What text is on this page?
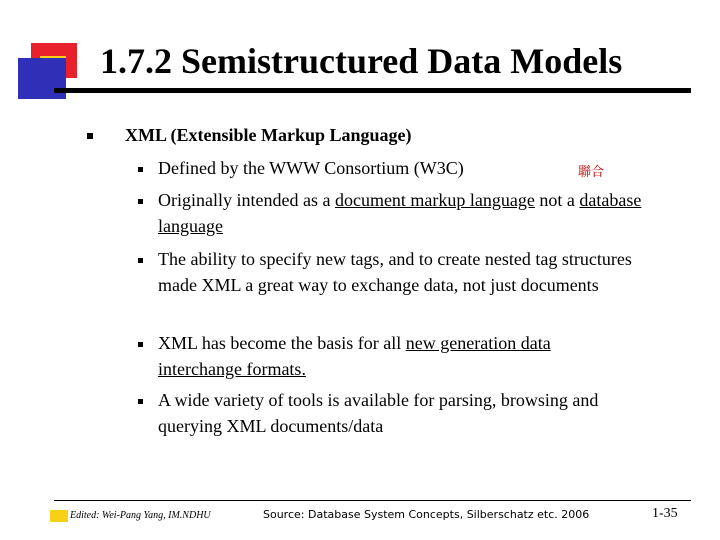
1.7.2 Semistructured Data Models
XML (Extensible Markup Language)
Defined by the WWW Consortium (W3C)	聯合
Originally intended as a document markup language not a database language
The ability to specify new tags, and to create nested tag structures made XML a great way to exchange data, not just documents
XML has become the basis for all new generation data interchange formats.
A wide variety of tools is available for parsing, browsing and querying XML documents/data
Edited: Wei-Pang Yang, IM.NDHU	Source: Database System Concepts, Silberschatz etc. 2006	1-35
